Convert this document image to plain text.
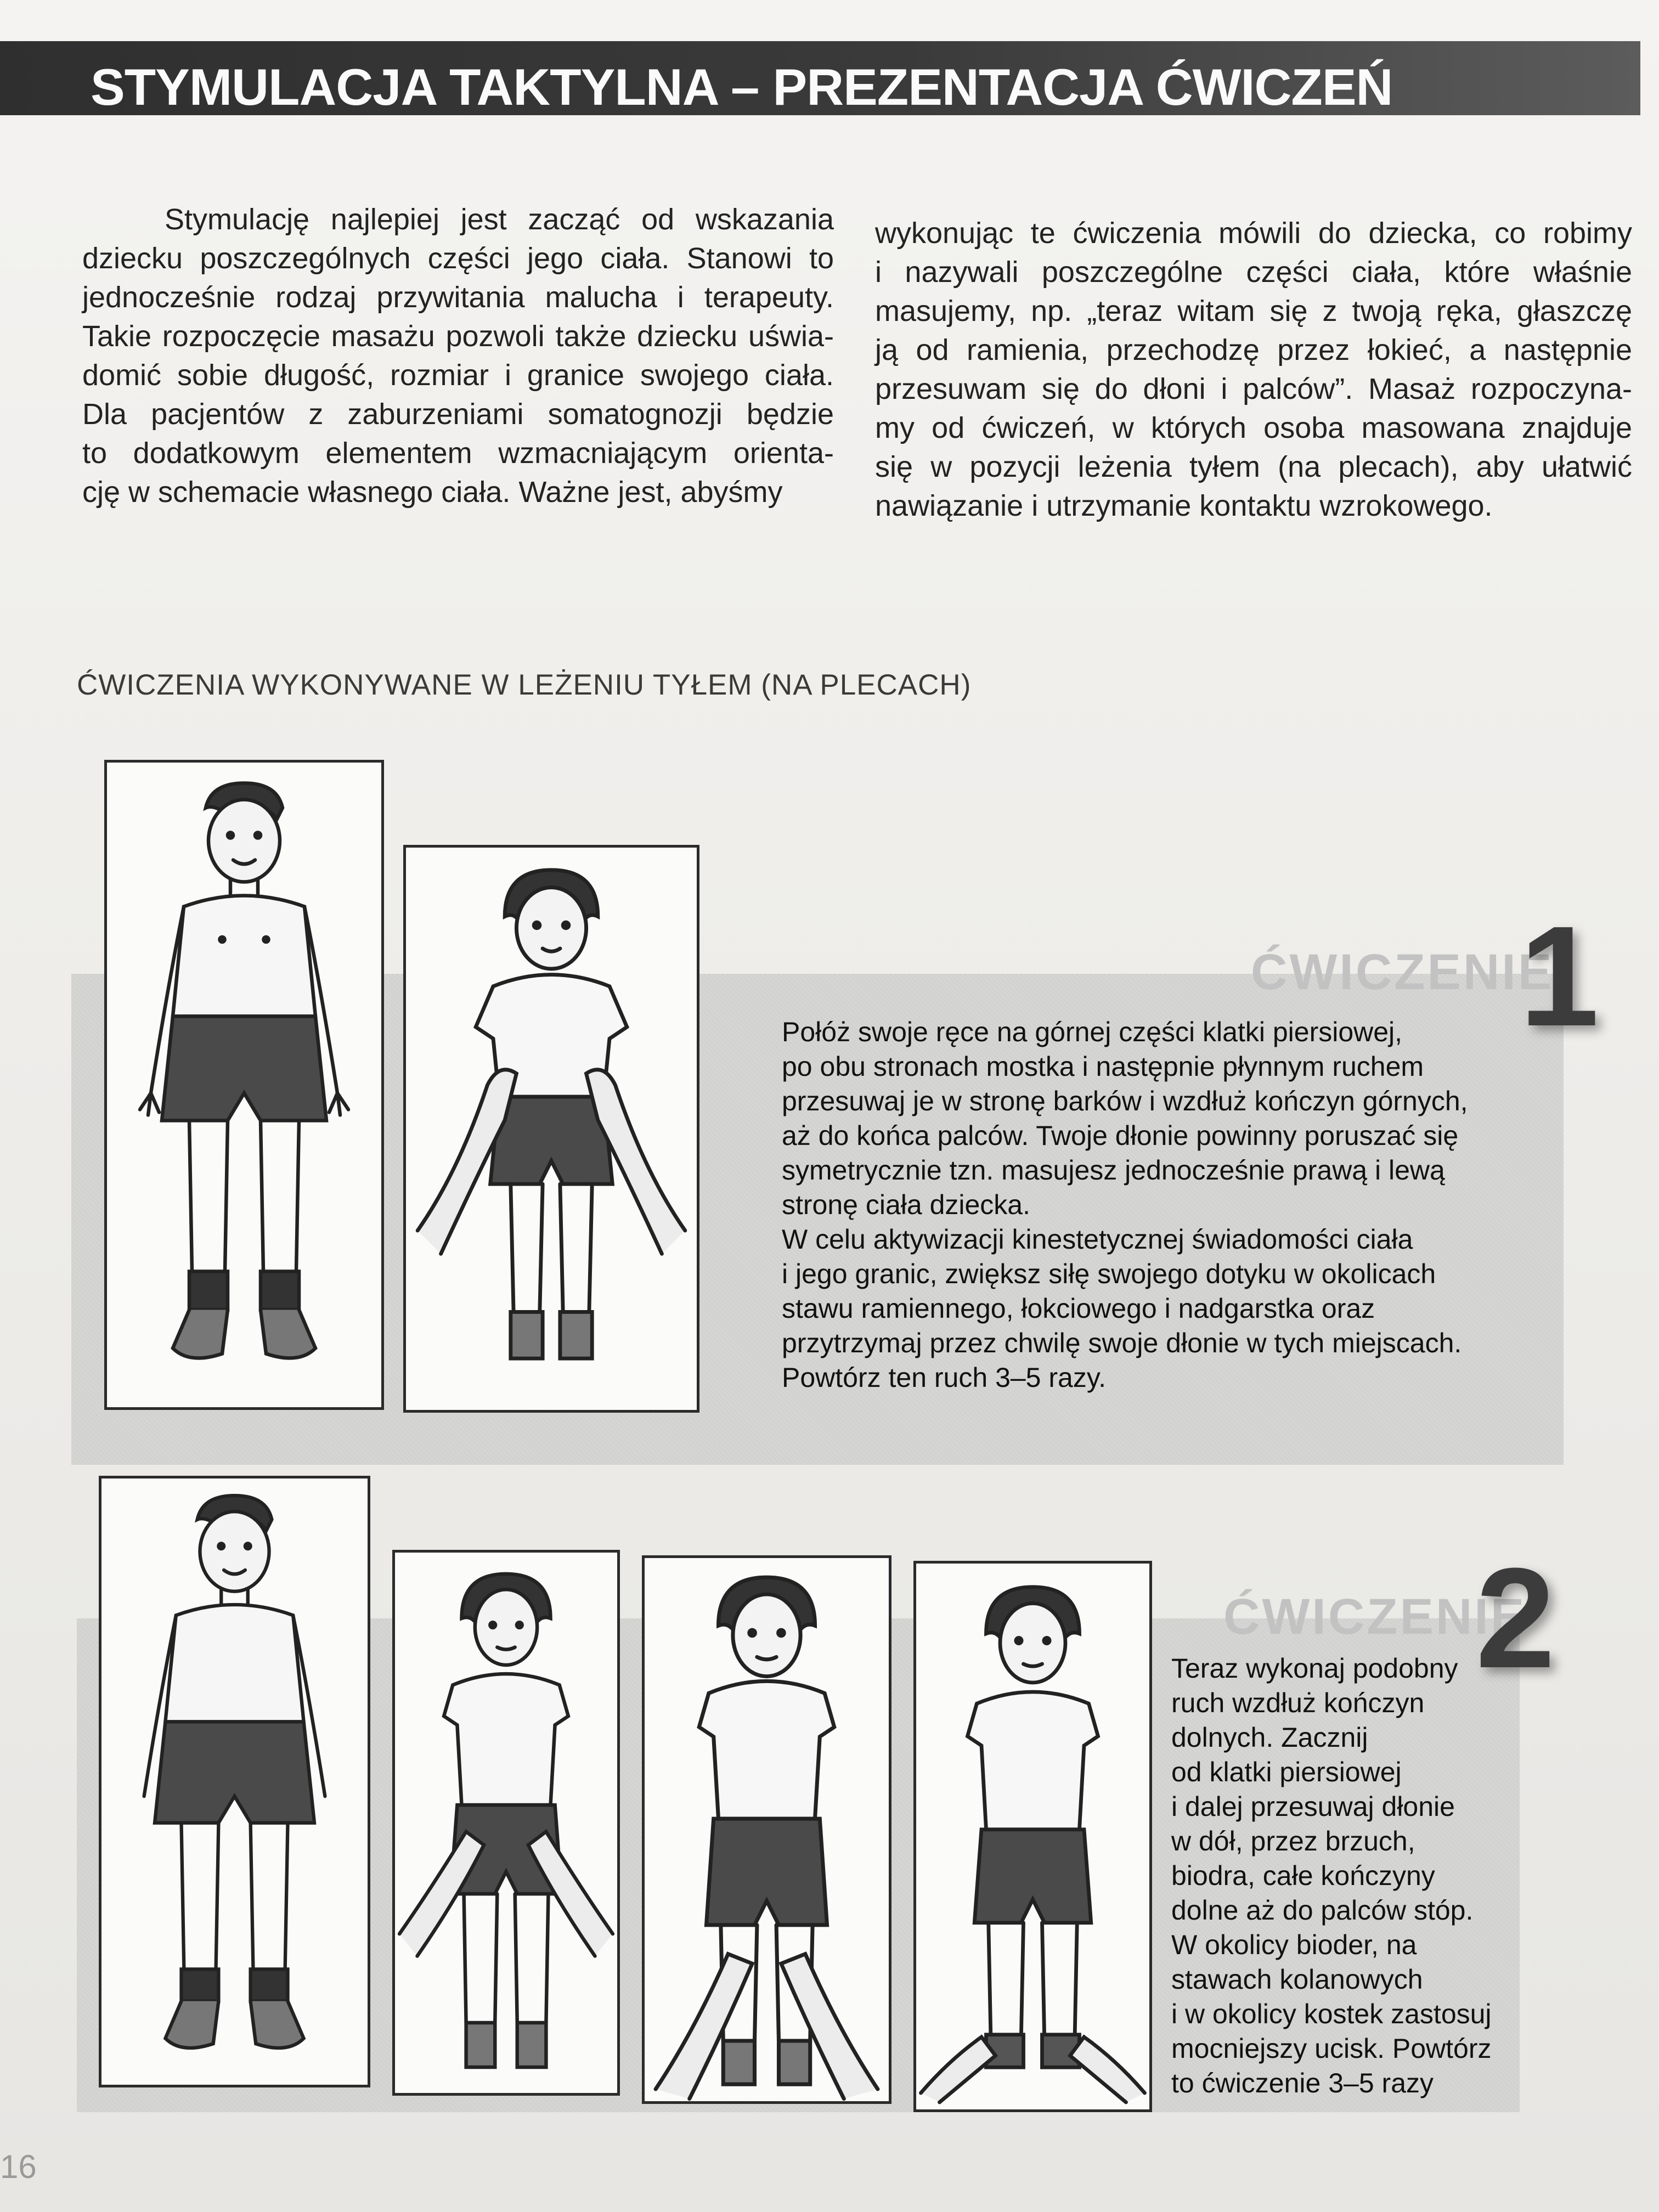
STYMULACJA TAKTYLNA – PREZENTACJA ĆWICZEŃ

Stymulację najlepiej jest zacząć od wskazania

dziecku poszczególnych części jego ciała. Stanowi to

jednocześnie rodzaj przywitania malucha i terapeuty.

Takie rozpoczęcie masażu pozwoli także dziecku uświa-

domić sobie długość, rozmiar i granice swojego ciała.

Dla pacjentów z zaburzeniami somatognozji będzie

to dodatkowym elementem wzmacniającym orienta-

cję w schemacie własnego ciała. Ważne jest, abyśmy

wykonując te ćwiczenia mówili do dziecka, co robimy

i nazywali poszczególne części ciała, które właśnie

masujemy, np. „teraz witam się z twoją ręka, głaszczę

ją od ramienia, przechodzę przez łokieć, a następnie

przesuwam się do dłoni i palców”. Masaż rozpoczyna-

my od ćwiczeń, w których osoba masowana znajduje

się w pozycji leżenia tyłem (na plecach), aby ułatwić

nawiązanie i utrzymanie kontaktu wzrokowego.

ĆWICZENIA WYKONYWANE W LEŻENIU TYŁEM (NA PLECACH)
ĆWICZENIE
1

Połóż swoje ręce na górnej części klatki piersiowej,

po obu stronach mostka i następnie płynnym ruchem

przesuwaj je w stronę barków i wzdłuż kończyn górnych,

aż do końca palców. Twoje dłonie powinny poruszać się

symetrycznie tzn. masujesz jednocześnie prawą i lewą

stronę ciała dziecka.

W celu aktywizacji kinestetycznej świadomości ciała

i jego granic, zwiększ siłę swojego dotyku w okolicach

stawu ramiennego, łokciowego i nadgarstka oraz

przytrzymaj przez chwilę swoje dłonie w tych miejscach.

Powtórz ten ruch 3–5 razy.

ĆWICZENIE
2

Teraz wykonaj podobny

ruch wzdłuż kończyn

dolnych. Zacznij

od klatki piersiowej

i dalej przesuwaj dłonie

w dół, przez brzuch,

biodra, całe kończyny

dolne aż do palców stóp.

W okolicy bioder, na

stawach kolanowych

i w okolicy kostek zastosuj

mocniejszy ucisk. Powtórz

to ćwiczenie 3–5 razy

16
